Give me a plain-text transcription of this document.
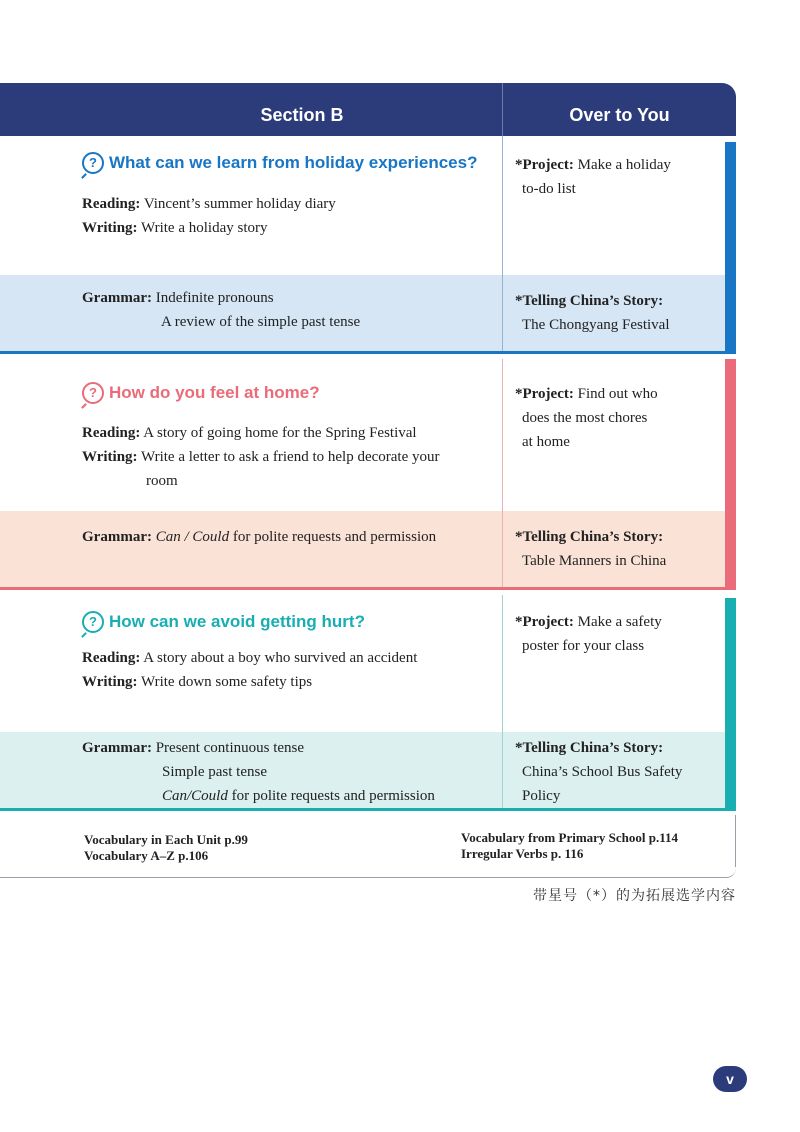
Section B	Over to You
? What can we learn from holiday experiences?
Reading: Vincent’s summer holiday diary
Writing: Write a holiday story
*Project: Make a holiday
to-do list
Grammar: Indefinite pronouns
A review of the simple past tense
*Telling China’s Story:
The Chongyang Festival
? How do you feel at home?
Reading: A story of going home for the Spring Festival
Writing: Write a letter to ask a friend to help decorate your
room
*Project: Find out who
does the most chores
at home
Grammar: Can / Could for polite requests and permission	*Telling China’s Story:
Table Manners in China
? How can we avoid getting hurt?
Reading: A story about a boy who survived an accident
Writing: Write down some safety tips
*Project: Make a safety
poster for your class
Grammar: Present continuous tense
Simple past tense
Can/Could for polite requests and permission
*Telling China’s Story:
China’s School Bus Safety
Policy
Vocabulary in Each Unit p.99
Vocabulary A–Z p.106
Vocabulary from Primary School p.114
Irregular Verbs p. 116
带星号（*）的为拓展选学内容
v
